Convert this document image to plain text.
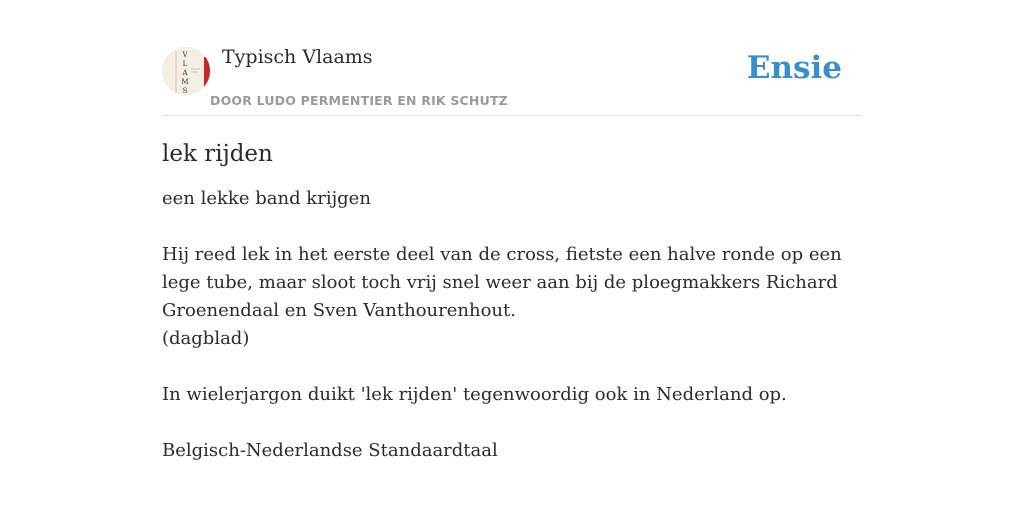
V
L
A
M
S
Typisch Vlaams
DOOR LUDO PERMENTIER EN RIK SCHUTZ
Ensie
lek rijden

een lekke band krijgen

Hij reed lek in het eerste deel van de cross, fietste een halve ronde op een lege tube, maar sloot toch vrij snel weer aan bij de ploegmakkers Richard Groenendaal en Sven Vanthourenhout.
(dagblad)

In wielerjargon duikt 'lek rijden' tegenwoordig ook in Nederland op.

Belgisch-Nederlandse Standaardtaal
